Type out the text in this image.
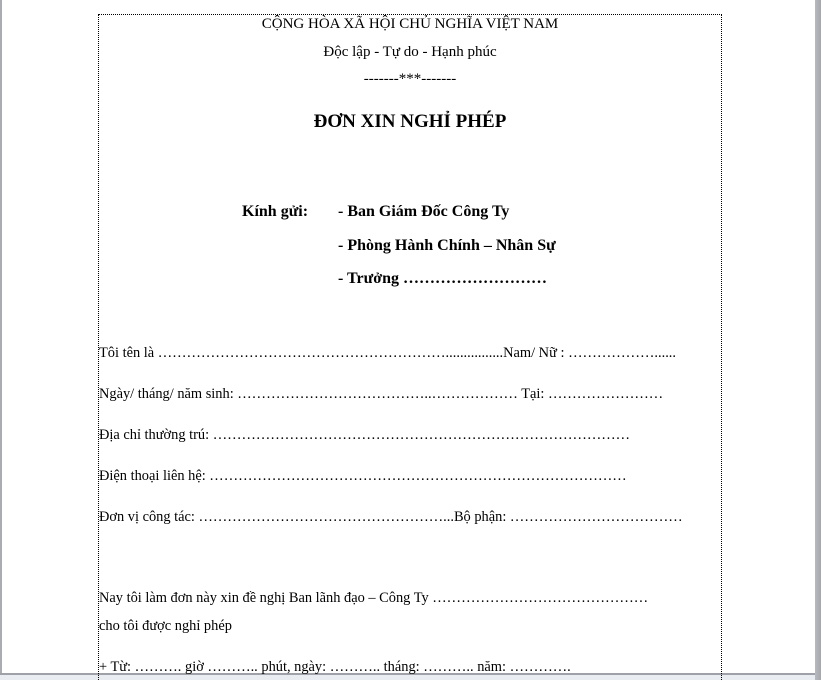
CỘNG HÒA XÃ HỘI CHỦ NGHĨA VIỆT NAM
Độc lập - Tự do - Hạnh phúc
-------***-------
ĐƠN XIN NGHỈ PHÉP
Kính gửi: - Ban Giám Đốc Công Ty
- Phòng Hành Chính – Nhân Sự
- Trưởng ………………………
Tôi tên là ……………………………………………………................Nam/ Nữ : ………………......
Ngày/ tháng/ năm sinh: …………………………………..……………… Tại: ……………………
Địa chỉ thường trú: ……………………………………………………………………………
Điện thoại liên hệ: ……………………………………………………………………………
Đơn vị công tác: ……………………………………………...Bộ phận: ………………………………
Nay tôi làm đơn này xin đề nghị Ban lãnh đạo – Công Ty ………………………………………
cho tôi được nghỉ phép
+ Từ: ………. giờ ……….. phút, ngày: ……….. tháng: ……….. năm: ………….
